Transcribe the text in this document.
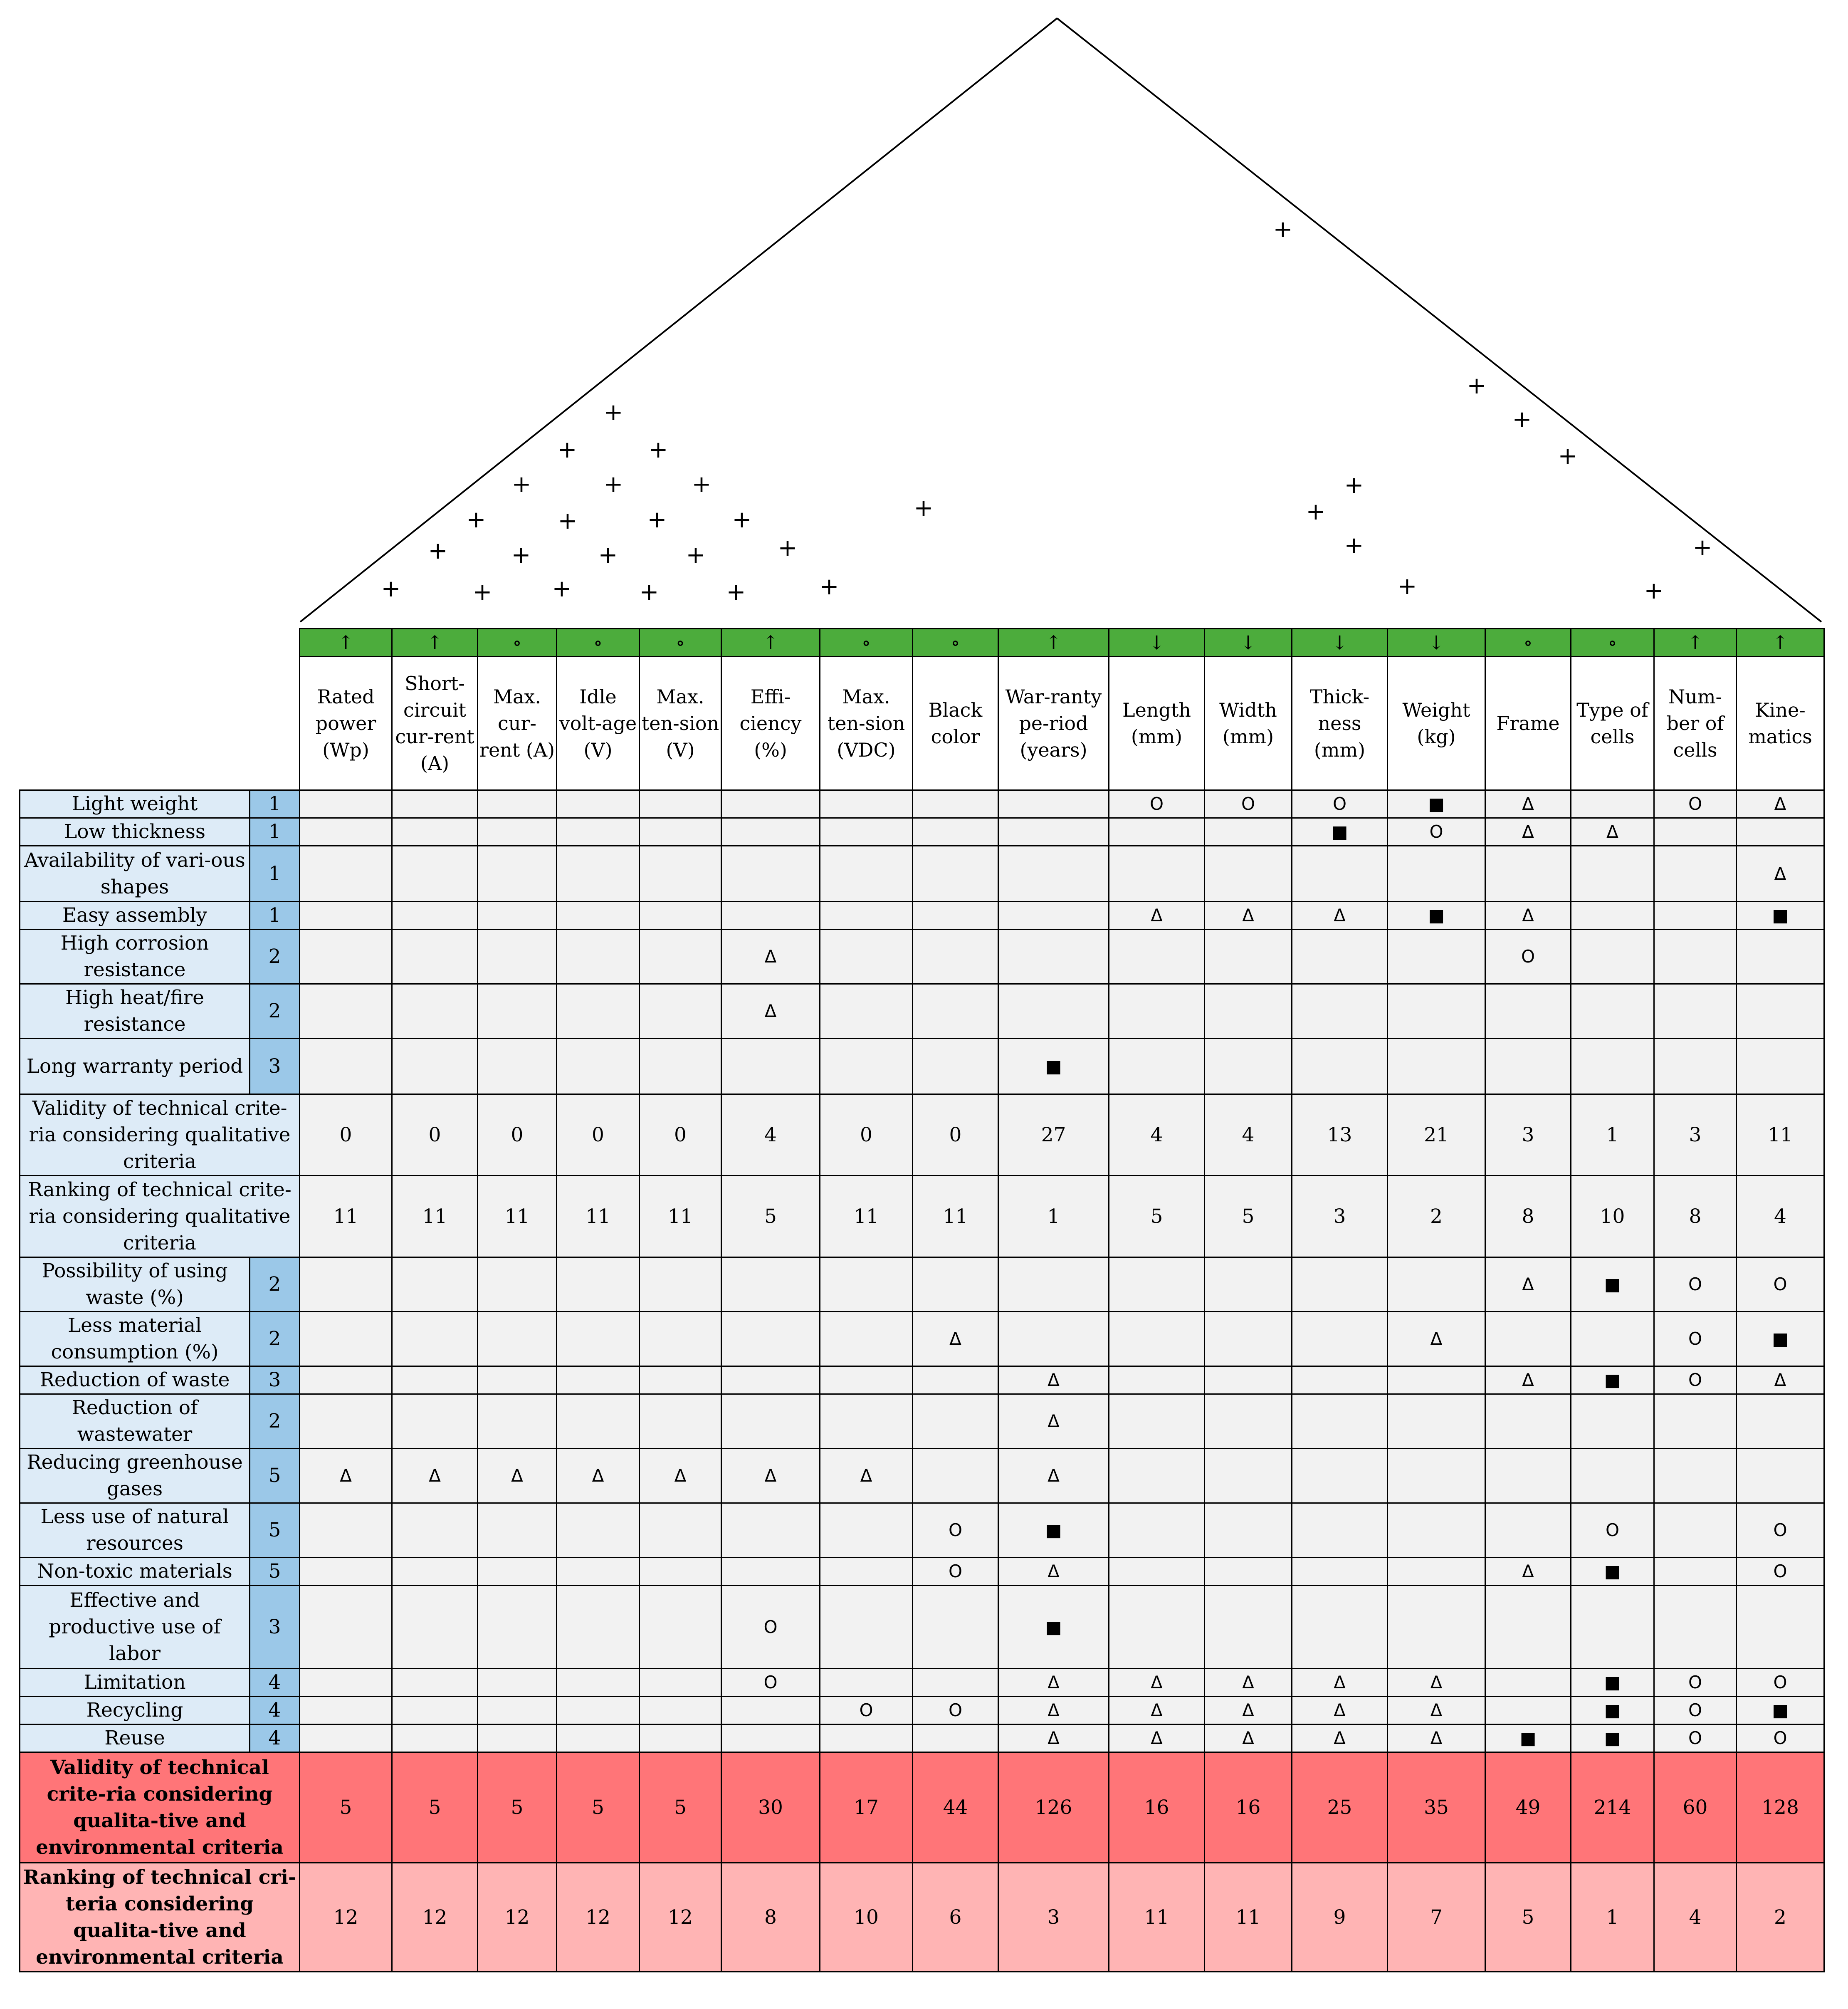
+
+	+
+	+	+
+	+	+	+
+	+	+	+	+
+	+	+	+	+	+
+
+
+
+
+
+
+
+
+	+
+
		↑	↑	∘	∘	∘	↑	∘	∘	↑	↓	↓	↓	↓	∘	∘	↑	↑
		Rated power (Wp)	Short-circuit cur-rent (A)	Max. cur-rent (A)	Idle volt-age (V)	Max. ten-sion (V)	Effi-ciency (%)	Max. ten-sion (VDC)	Black color	War-ranty pe-riod (years)	Length (mm)	Width (mm)	Thick-ness (mm)	Weight (kg)	Frame	Type of cells	Num-ber of cells	Kine-matics
Light weight	1										O	O	O	■	Δ		O	Δ
Low thickness	1												■	O	Δ	Δ		
Availability of vari-ous shapes	1																	Δ
Easy assembly	1										Δ	Δ	Δ	■	Δ			■
High corrosion resistance	2						Δ								O			
High heat/fire resistance	2						Δ											
Long warranty period	3									■								
Validity of technical crite-ria considering qualitative criteria		0	0	0	0	0	4	0	0	27	4	4	13	21	3	1	3	11
Ranking of technical crite-ria considering qualitative criteria		11	11	11	11	11	5	11	11	1	5	5	3	2	8	10	8	4
Possibility of using waste (%)	2														Δ	■	O	O
Less material consumption (%)	2								Δ					Δ			O	■
Reduction of waste	3									Δ					Δ	■	O	Δ
Reduction of wastewater	2									Δ								
Reducing greenhouse gases	5	Δ	Δ	Δ	Δ	Δ	Δ	Δ		Δ								
Less use of natural resources	5								O	■						O		O
Non-toxic materials	5								O	Δ					Δ	■		O
Effective and productive use of labor	3						O			■								
Limitation	4						O			Δ	Δ	Δ	Δ	Δ		■	O	O
Recycling	4							O	O	Δ	Δ	Δ	Δ	Δ		■	O	■
Reuse	4									Δ	Δ	Δ	Δ	Δ	■	■	O	O
Validity of technical crite-ria considering qualita-tive and environmental criteria		5	5	5	5	5	30	17	44	126	16	16	25	35	49	214	60	128
Ranking of technical cri-teria considering qualita-tive and environmental criteria		12	12	12	12	12	8	10	6	3	11	11	9	7	5	1	4	2
